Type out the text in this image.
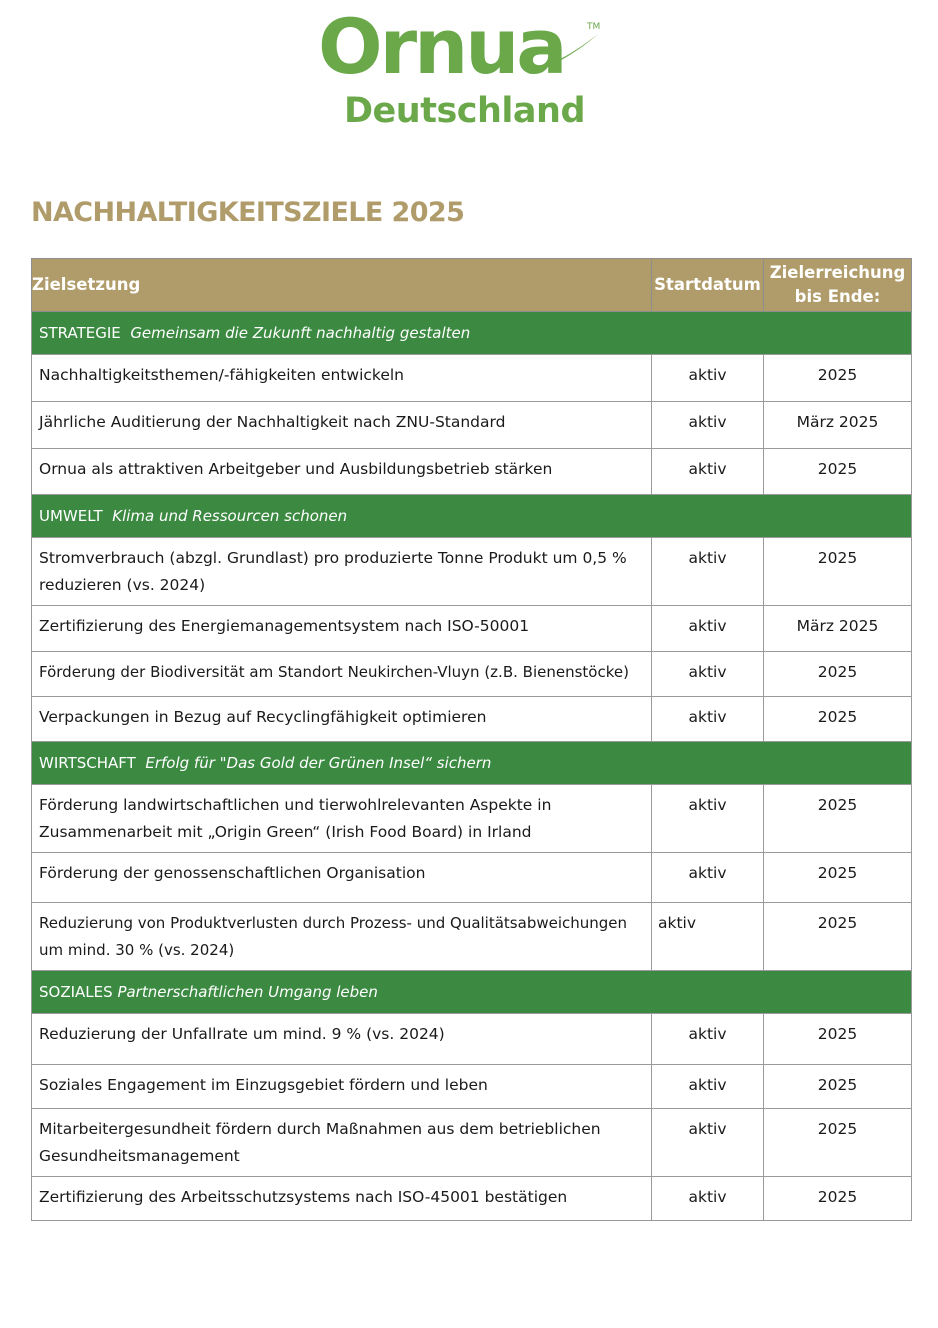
Ornua TM
Deutschland
NACHHALTIGKEITSZIELE 2025
Zielsetzung	Startdatum	Zielerreichung
bis Ende:
STRATEGIE Gemeinsam die Zukunft nachhaltig gestalten		
Nachhaltigkeitsthemen/-fähigkeiten entwickeln	aktiv	2025
Jährliche Auditierung der Nachhaltigkeit nach ZNU-Standard	aktiv	März 2025
Ornua als attraktiven Arbeitgeber und Ausbildungsbetrieb stärken	aktiv	2025
UMWELT Klima und Ressourcen schonen		
Stromverbrauch (abzgl. Grundlast) pro produzierte Tonne Produkt um 0,5 % reduzieren (vs. 2024)	aktiv	2025
Zertifizierung des Energiemanagementsystem nach ISO-50001	aktiv	März 2025
Förderung der Biodiversität am Standort Neukirchen-Vluyn (z.B. Bienenstöcke)	aktiv	2025
Verpackungen in Bezug auf Recyclingfähigkeit optimieren	aktiv	2025
WIRTSCHAFT Erfolg für "Das Gold der Grünen Insel“ sichern		
Förderung landwirtschaftlichen und tierwohlrelevanten Aspekte in Zusammenarbeit mit „Origin Green“ (Irish Food Board) in Irland	aktiv	2025
Förderung der genossenschaftlichen Organisation	aktiv	2025
Reduzierung von Produktverlusten durch Prozess- und Qualitätsabweichungen um mind. 30 % (vs. 2024)	aktiv	2025
SOZIALES Partnerschaftlichen Umgang leben		
Reduzierung der Unfallrate um mind. 9 % (vs. 2024)	aktiv	2025
Soziales Engagement im Einzugsgebiet fördern und leben	aktiv	2025
Mitarbeitergesundheit fördern durch Maßnahmen aus dem betrieblichen Gesundheitsmanagement	aktiv	2025
Zertifizierung des Arbeitsschutzsystems nach ISO-45001 bestätigen	aktiv	2025
